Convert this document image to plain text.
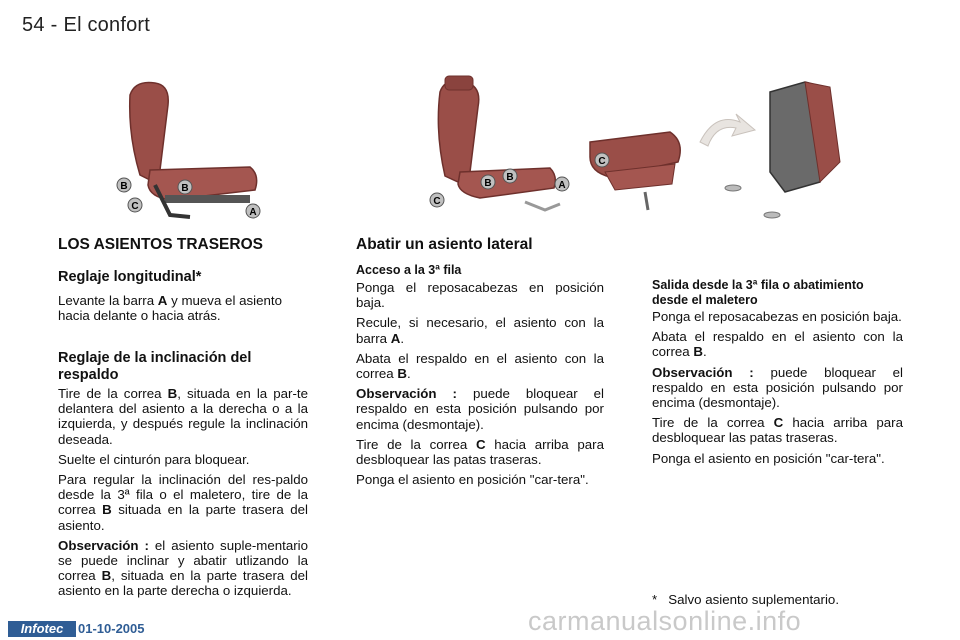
54 - El confort
B	B
C
A
C
B
B
A
C
LOS ASIENTOS TRASEROS
Reglaje longitudinal*

Levante la barra A y mueva el asiento hacia delante o hacia atrás.

Reglaje de la inclinación del respaldo

Tire de la correa B, situada en la par-te delantera del asiento a la derecha o a la izquierda, y después regule la inclinación deseada.

Suelte el cinturón para bloquear.

Para regular la inclinación del res-paldo desde la 3ª fila o el maletero, tire de la correa B situada en la parte trasera del asiento.

Observación : el asiento suple-mentario se puede inclinar y abatir utlizando la correa B, situada en la parte trasera del asiento en la parte derecha o izquierda.

Abatir un asiento lateral
Acceso a la 3ª fila

Ponga el reposacabezas en posición baja.

Recule, si necesario, el asiento con la barra A.

Abata el respaldo en el asiento con la correa B.

Observación : puede bloquear el respaldo en esta posición pulsando por encima (desmontaje).

Tire de la correa C hacia arriba para desbloquear las patas traseras.

Ponga el asiento en posición "car-tera".

Salida desde la 3ª fila o abatimiento desde el maletero

Ponga el reposacabezas en posición baja.

Abata el respaldo en el asiento con la correa B.

Observación : puede bloquear el respaldo en esta posición pulsando por encima (desmontaje).

Tire de la correa C hacia arriba para desbloquear las patas traseras.

Ponga el asiento en posición "car-tera".

* Salvo asiento suplementario.
Infotec	01-10-2005	carmanualsonline.info
